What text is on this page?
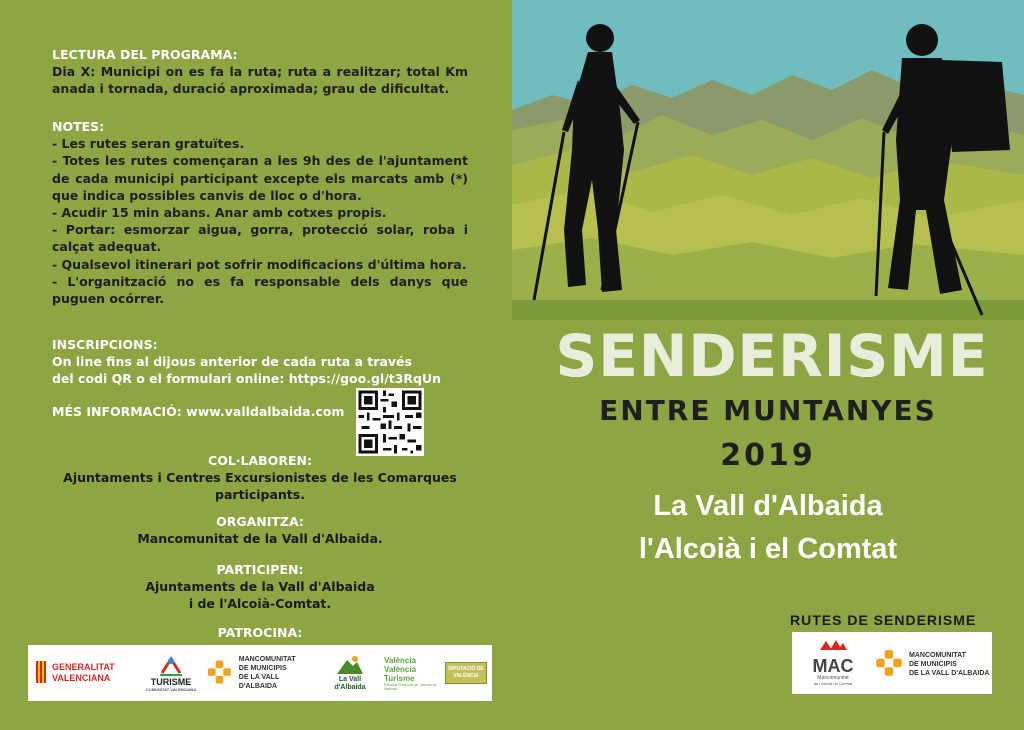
LECTURA DEL PROGRAMA:
Dia X: Municipi on es fa la ruta; ruta a realitzar; total Km anada i tornada, duració aproximada; grau de dificultat.
NOTES:
- Les rutes seran gratuïtes.
- Totes les rutes començaran a les 9h des de l'ajuntament de cada municipi participant excepte els marcats amb (*) que indica possibles canvis de lloc o d'hora.
- Acudir 15 min abans. Anar amb cotxes propis.
- Portar: esmorzar aigua, gorra, protecció solar, roba i calçat adequat.
- Qualsevol itinerari pot sofrir modificacions d'última hora.
- L'organització no es fa responsable dels danys que puguen ocórrer.
INSCRIPCIONS:
On line fins al dijous anterior de cada ruta a través
del codi QR o el formulari online: https://goo.gl/t3RqUn
MÉS INFORMACIÓ: www.valldalbaida.com
COL·LABOREN:
Ajuntaments i Centres Excursionistes de les Comarques
participants.
ORGANITZA:
Mancomunitat de la Vall d'Albaida.
PARTICIPEN:
Ajuntaments de la Vall d'Albaida
i de l'Alcoià-Comtat.
PATROCINA:
GENERALITAT
VALENCIANA	TURISME
COMUNITAT VALENCIANA
MANCOMUNITAT
DE MUNICIPIS
DE LA VALL D'ALBAIDA
La Vall
d'Albaida
València
València
Turisme
Patronat Provincial de Turisme de València
DIPUTACIÓ DE
VALÈNCIA
SENDERISME
ENTRE MUNTANYES
2019
La Vall d'Albaida
l'Alcoià i el Comtat
RUTES DE SENDERISME
MAC
Mancomunitat
de l'Alcoià i el Comtat
MANCOMUNITAT
DE MUNICIPIS
DE LA VALL D'ALBAIDA
